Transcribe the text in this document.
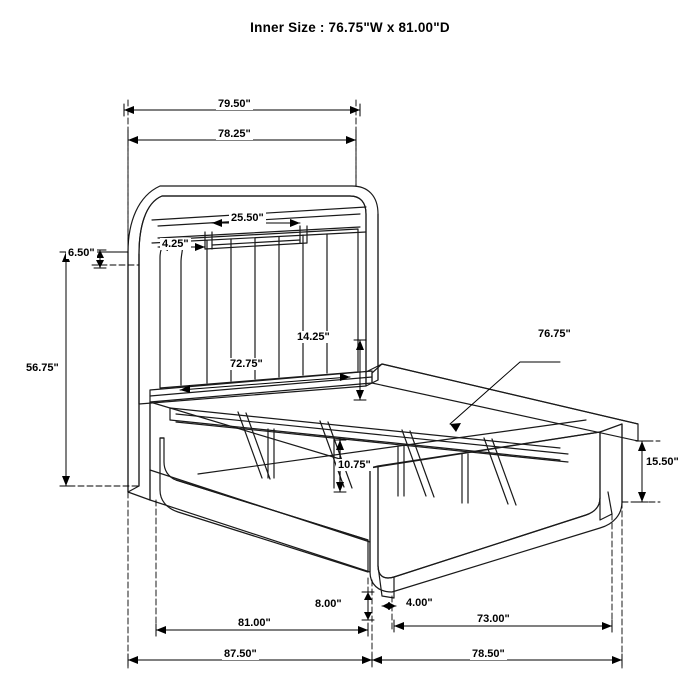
Inner Size : 76.75"W x 81.00"D
79.50"
78.25"
25.50"
4.25"
6.50"
56.75"
14.25"
72.75"
76.75"
15.50"
10.75"
8.00"	4.00"
81.00"	73.00"
87.50"	78.50"
